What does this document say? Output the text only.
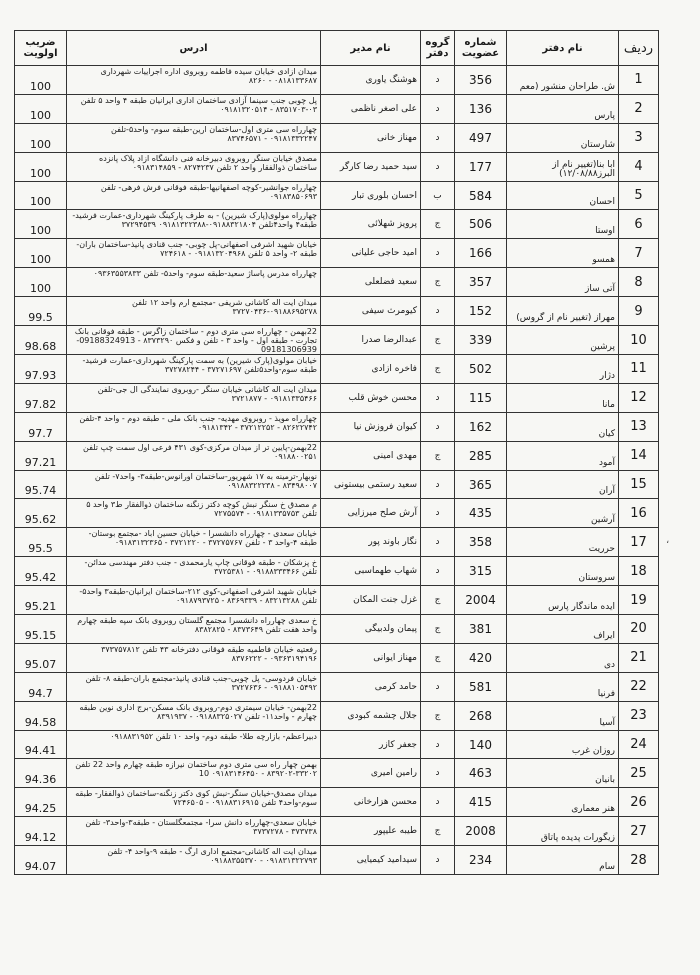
ردیف	نام دفتر	شماره عضویت	گروه دفتر	نام مدیر	ادرس	ضریب اولویت
1	ش. طراحان منشور (معم	356	د	هوشنگ یاوری	میدان ازادی خیابان سیده فاطمه روبروی اداره اجراییات شهرداری ۰۸۱۸۱۳۳۶۸۷ - ۸۲۶۰	100
2	پارس	136	د	علی اصغر ناظمی	پل چوبی جنب سینما آزادی ساختمان اداری ایرانیان طبقه ۴ واحد ۵ تلفن ۰۳-۸۳۵۱۷۰۳ - ۰۹۱۸۱۳۲۰۵۱۴	100
3	شارستان	497	د	مهناز خانی	چهارراه سی متری اول-ساختمان ارین-طبقه سوم- واحد۵-تلفن ۰۹۱۸۱۳۳۲۲۴۷ - ۸۳۷۴۶۵۷۱	100
4	ابا بنا(تغییر نام از البرز۱۲/۰۸/۸۸)	177	د	سید حمید رضا کارگر	مصدق خیابان سنگر روبروی دبیرخانه فنی دانشگاه ازاد پلاک پانزده ساختمان ذوالفقار واحد ۲ تلفن ۸۲۷۴۲۳۷ - ۰۹۱۸۳۱۴۸۵۹	100
5	احسان	584	ب	احسان بلوری تبار	چهارراه جوانشیر-کوچه اصفهانیها-طبقه فوقانی فرش فرهی- تلفن ۰۹۱۸۳۸۵۰۶۹۳	100
6	اوستا	506	ج	پرویز شهلائی	چهارراه مولوی(پارک شیرین) - به طرف پارکینگ شهرداری-عمارت فرشید-طبقه۴ واحد۴تلفن ۰۹۱۸۸۳۲۱۸۰۴-۰۹۱۸۱۳۲۲۳۸۸ ۳۷۲۹۴۵۳۹	100
7	همسو	166	د	امید حاجی علیانی	خیابان شهید اشرفی اصفهانی-پل چوبی- جنب قنادی پانیذ-ساختمان باران- طبقه ۲- واحد ۵ تلفن ۰۹۱۸۱۳۲۰۴۹۶۸ - ۷۲۴۶۱۸	100
8	آتی ساز	357	ج	سعید فضلعلی	چهارراه مدرس پاساژ سعید-طبقه سوم- واحد۵- تلفن ۰۹۳۶۳۵۵۳۸۳۳	100
9	مهراز (تغییر نام از گروس)	152	د	کیومرث سیفی	میدان ایت اله کاشانی شریفی -مجتمع ارم واحد ۱۲ تلفن ۰۹۱۸۸۶۹۵۲۷۸-۳۷۲۷۰۴۳۶	99.5
10	پرشین	339	ج	عبدالرضا صدرا	22بهمن - چهارراه سی متری دوم - ساختمان زاگرس - طبقه فوقانی بانک تجارت - طبقه اول - واحد ۳ - تلفن و فکس ۸۳۷۳۲۹۰ - 09188324913-09181306939	98.68
11	دژار	502	ج	فاخره ازادی	خیابان مولوی(پارک شیرین) به سمت پارکینگ شهرداری-عمارت فرشید-طبقه سوم-واحد۵تلفن ۳۷۲۷۱۶۹۷ - ۳۷۲۷۸۲۴۴	97.93
12	مانا	115	د	محسن خوش قلب	میدان ایت اله کاشانی خیابان سنگر -روبروی نمایندگی ال جی-تلفن ۰۹۱۸۱۳۳۵۴۶۶ - ۳۷۲۱۸۷۷	97.82
13	کیان	162	د	کیوان فروزش نیا	چهارراه مویذ - روبروی مهدیه- جنب بانک ملی - طبقه دوم - واحد ۴-تلفن ۸۲۶۲۲۷۴۲ - ۳۷۲۱۲۲۵۲ - ۰۹۱۸۱۳۴۲	97.7
14	آمود	285	ج	مهدی امینی	22بهمن-پایین تر از میدان مرکزی-کوی ۴۳۱ فرعی اول سمت چپ تلفن ۰۹۱۸۸۰۰۲۵۱	97.21
15	آران	365	د	سعید رستمی بیستونی	نوبهار-ترمینه به ۱۷ شهریور-ساختمان اورانوس-طبقه۳- واحد۷- تلفن ۸۳۴۹۸۰۰۷ - ۰۹۱۸۸۳۲۲۲۳۸	95.74
16	آرشین	435	د	آرش صلح میرزایی	م مصدق خ سنگر نبش کوچه دکتر زنگنه ساختمان ذوالفقار ط۳ واحد ۵ تلفن ۰۹۱۸۱۳۳۵۷۵۳ - ۷۲۷۵۵۷۴	95.62
17	حرریت	358	د	نگار باوند پور	خیابان سعدی - چهارراه دانشسرا - خیابان حسین اباد -مجتمع بوستان- طبقه ۴-واحد ۳ - تلفن ۳۷۲۷۵۷۶۷ - ۳۷۲۱۲۲۰ - ۰۹۱۸۳۱۳۲۳۶۵	95.5
18	سروستان	315	د	شهاب طهماسبی	خ پزشکان - طبقه فوقانی چاپ یارمحمدی - جنب دفتر مهندسی مدائن- تلفن ۰۹۱۸۸۳۳۳۴۶۶ - ۳۷۲۵۳۸۱	95.42
19	ایده ماندگار پارس	2004	ج	غزل جنت المکان	خیابان شهید اشرفی اصفهانی-کوی ۲۱۲-ساختمان ایرانیان-طبقه۳ واحد۵- تلفن ۸۳۲۱۳۲۸۸ - ۸۳۶۹۳۳۹ - ۰۹۱۸۷۹۳۷۲۵	95.21
20	ایراف	381	ج	پیمان ولدبیگی	خ سعدی چهارراه دانشسرا مجتمع گلستان روبروی بانک سپه طبقه چهارم واحد هفت تلفن ۸۳۷۳۶۴۹ - ۸۳۸۲۸۲۵	95.15
21	دی	420	ج	مهناز ایوانی	رفعتیه خیابان فاطمیه طبقه فوقانی دفترخانه ۴۳ تلفن ۳۷۳۷۵۷۸۱۲ ۰۹۳۶۳۱۹۴۱۹۶ - ۸۳۷۶۲۲۲	95.07
22	فرنیا	581	د	حامد کرمی	خیابان فردوسی- پل چوبی-جنب قنادی پانیذ-مجتمع باران-طبقه ۸- تلفن ۰۹۱۸۸۱۰۵۴۹۲ - ۳۷۲۷۶۳۶	94.7
23	آسیا	268	ج	جلال چشمه کبودی	22بهمن- خیابان سیمتری دوم-روبروی بانک مسکن-برج اداری نوین طبقه چهارم - واحد۱۱- تلفن ۰۹۱۸۸۳۲۵۰۲۷ - ۸۳۹۱۹۳۷	94.58
24	روزان غرب	140	د	جعفر کازر	دبیراعظم- بازارچه طلا- طبقه دوم- واحد ۱۰ تلفن ۰۹۱۸۸۳۱۹۵۲	94.41
25	بانیان	463	د	رامین امیری	بهمن چهار راه سی متری دوم ساختمان نیرازه طبقه چهارم واحد 22 تلفن ۳۳۲۰۲-۸۳۹۲۰۲ - ۰۹۱۸۳۱۴۶۴۵۰ 10	94.36
26	هنر معماری	415	د	محسن هزارخانی	میدان مصدق-خیابان سنگر-نبش کوی دکتر زنگنه-ساختمان ذوالفقار- طبقه سوم-واحد۴ تلفن ۰۹۱۸۸۳۱۶۹۱۵ - ۷۲۴۶۵۰۵	94.25
27	زیگورات پدیده پاتاق	2008	ج	طیبه علیپور	خیابان سعدی-چهارراه دانش سرا- مجتمعگلستان - طبقه۳-واحد۳- تلفن ۳۷۳۷۳۸ - ۳۷۳۷۲۷۸	94.12
28	سام	234	د	سیدامید کیمیایی	میدان ایت اله کاشانی-مجتمع اداری ارگ - طبقه ۹-واحد ۴- تلفن ۰۹۱۸۳۱۳۲۲۷۹۳ - ۰۹۱۸۸۳۵۵۳۷۰	94.07
،
